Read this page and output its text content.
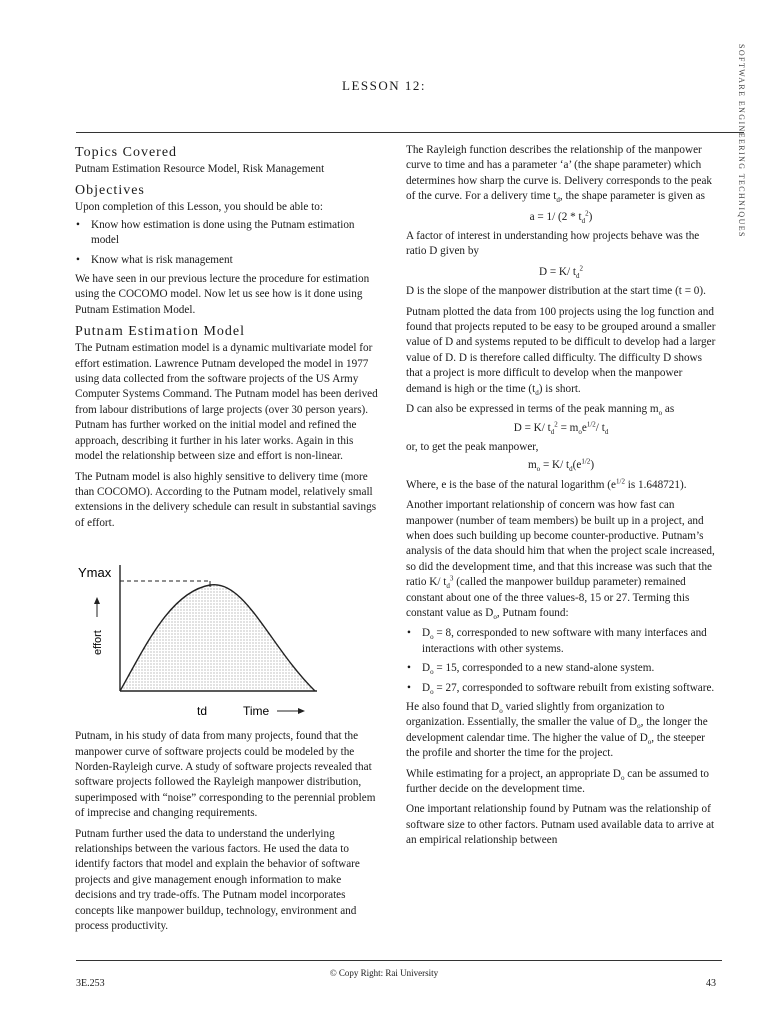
LESSON 12:	SOFTWARE ENGINEERING TECHNIQUES
Topics Covered

Putnam Estimation Resource Model, Risk Management

Objectives

Upon completion of this Lesson, you should be able to:

• Know how estimation is done using the Putnam estimation model
• Know what is risk management

We have seen in our previous lecture the procedure for estimation using the COCOMO model. Now let us see how is it done using Putnam Estimation Model.

Putnam Estimation Model

The Putnam estimation model is a dynamic multivariate model for effort estimation. Lawrence Putnam developed the model in 1977 using data collected from the software projects of the US Army Computer Systems Command. The Putnam model has been derived from labour distributions of large projects (over 30 person years). Putnam has further worked on the initial model and refined the approach, describing it further in his later works. Again in this model the relationship between size and effort is non-linear.

The Putnam model is also highly sensitive to delivery time (more than COCOMO). According to the Putnam model, relatively small extensions in the delivery schedule can result in substantial savings of effort.

Ymax
effort
td	Time

Putnam, in his study of data from many projects, found that the manpower curve of software projects could be modeled by the Norden-Rayleigh curve. A study of software projects revealed that software projects followed the Rayleigh manpower distribution, superimposed with “noise” corresponding to the perennial problem of imprecise and changing requirements.

Putnam further used the data to understand the underlying relationships between the various factors. He used the data to identify factors that model and explain the behavior of software projects and give management enough information to make decisions and try trade-offs. The Putnam model incorporates concepts like manpower buildup, technology, environment and process productivity.

The Rayleigh function describes the relationship of the manpower curve to time and has a parameter ‘a’ (the shape parameter) which determines how sharp the curve is. Delivery corresponds to the peak of the curve. For a delivery time $t_d$, the shape parameter is given as

a = 1/ $(2 * t_d^2)$

A factor of interest in understanding how projects behave was the ratio D given by

D = K/ $t_d^2$

D is the slope of the manpower distribution at the start time (t = 0).

Putnam plotted the data from 100 projects using the log function and found that projects reputed to be easy to be grouped around a smaller value of D and systems reputed to be difficult to develop had a larger value of D. D is therefore called difficulty. The difficulty D shows that a project is more difficult to develop when the manpower demand is high or the time $(t_d)$ is short.

D can also be expressed in terms of the peak manning $m_o$ as

D = K/ $t_d^2 = m_oe^{1/2}/$ $t_d$

or, to get the peak manpower,

$m_o = K/$ $t_d(e^{1/2})$

Where, e is the base of the natural logarithm ($e^{1/2}$ is 1.648721).

Another important relationship of concern was how fast can manpower (number of team members) be built up in a project, and when does such building up become counter-productive. Putnam’s analysis of the data should him that when the project scale increased, so did the development time, and that this increase was such that the ratio K/ $t_d^3$ (called the manpower buildup parameter) remained constant about one of the three values-8, 15 or 27. Terming this constant value as $D_o$, Putnam found:

• $D_o = 8$, corresponded to new software with many interfaces and interactions with other systems.
• $D_o = 15$, corresponded to a new stand-alone system.
• $D_o = 27$, corresponded to software rebuilt from existing software.

He also found that $D_o$ varied slightly from organization to organization. Essentially, the smaller the value of $D_o$, the longer the development calendar time. The higher the value of $D_o$, the steeper the profile and shorter the time for the project.

While estimating for a project, an appropriate $D_o$ can be assumed to further decide on the development time.

One important relationship found by Putnam was the relationship of software size to other factors. Putnam used available data to arrive at an empirical relationship between

© Copy Right: Rai University
3E.253	43
